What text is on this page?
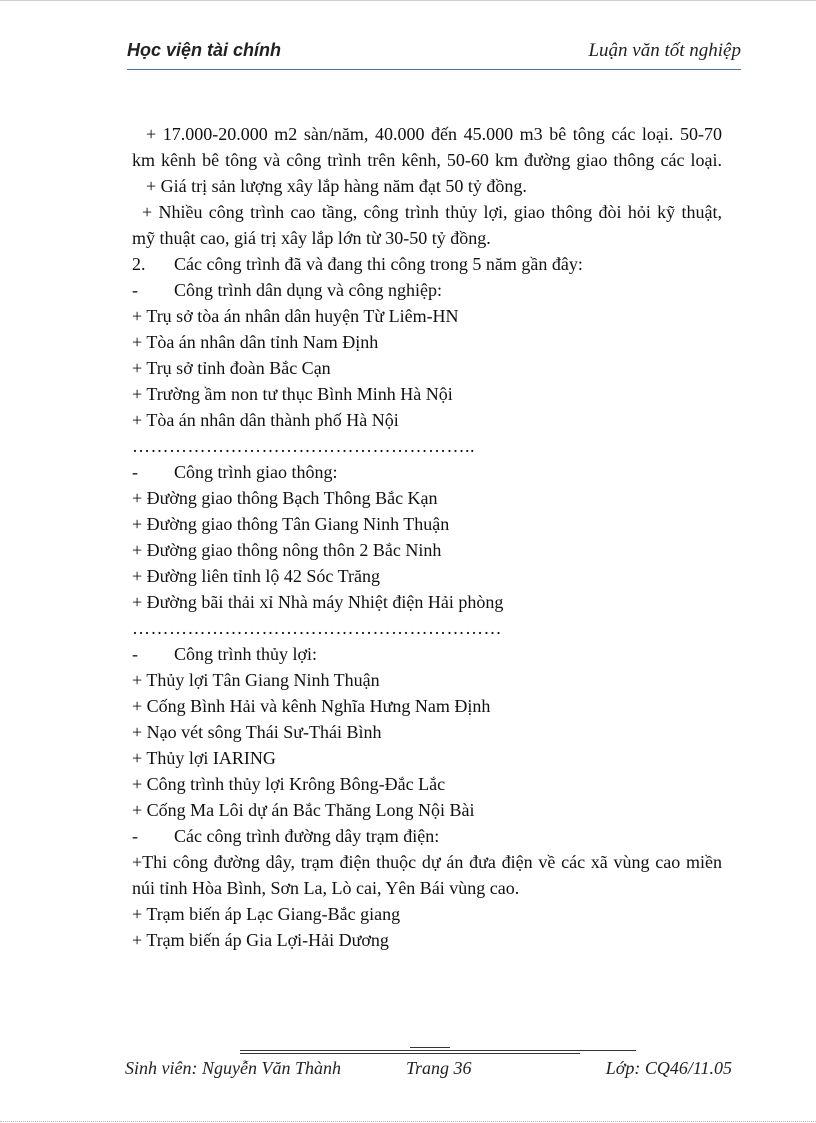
Học viện tài chính	Luận văn tốt nghiệp
+ 17.000-20.000 m2 sàn/năm, 40.000 đến 45.000 m3 bê tông các loại. 50-70
km kênh bê tông và công trình trên kênh, 50-60 km đường giao thông các loại.
+ Giá trị sản lượng xây lắp hàng năm đạt 50 tỷ đồng.
+ Nhiều công trình cao tầng, công trình thủy lợi, giao thông đòi hỏi kỹ thuật,
mỹ thuật cao, giá trị xây lắp lớn từ 30-50 tỷ đồng.
2. Các công trình đã và đang thi công trong 5 năm gần đây:
- Công trình dân dụng và công nghiệp:
+ Trụ sở tòa án nhân dân huyện Từ Liêm-HN
+ Tòa án nhân dân tỉnh Nam Định
+ Trụ sở tỉnh đoàn Bắc Cạn
+ Trường ầm non tư thục Bình Minh Hà Nội
+ Tòa án nhân dân thành phố Hà Nội
………………………………………………..
- Công trình giao thông:
+ Đường giao thông Bạch Thông Bắc Kạn
+ Đường giao thông Tân Giang Ninh Thuận
+ Đường giao thông nông thôn 2 Bắc Ninh
+ Đường liên tỉnh lộ 42 Sóc Trăng
+ Đường bãi thải xỉ Nhà máy Nhiệt điện Hải phòng
……………………………………………………
- Công trình thủy lợi:
+ Thủy lợi Tân Giang Ninh Thuận
+ Cống Bình Hải và kênh Nghĩa Hưng Nam Định
+ Nạo vét sông Thái Sư-Thái Bình
+ Thủy lợi IARING
+ Công trình thủy lợi Krông Bông-Đắc Lắc
+ Cống Ma Lôi dự án Bắc Thăng Long Nội Bài
- Các công trình đường dây trạm điện:
+Thi công đường dây, trạm điện thuộc dự án đưa điện về các xã vùng cao miền
núi tỉnh Hòa Bình, Sơn La, Lò cai, Yên Bái vùng cao.
+ Trạm biến áp Lạc Giang-Bắc giang
+ Trạm biến áp Gia Lợi-Hải Dương
Sinh viên: Nguyễn Văn Thành	Trang 36	Lớp: CQ46/11.05
